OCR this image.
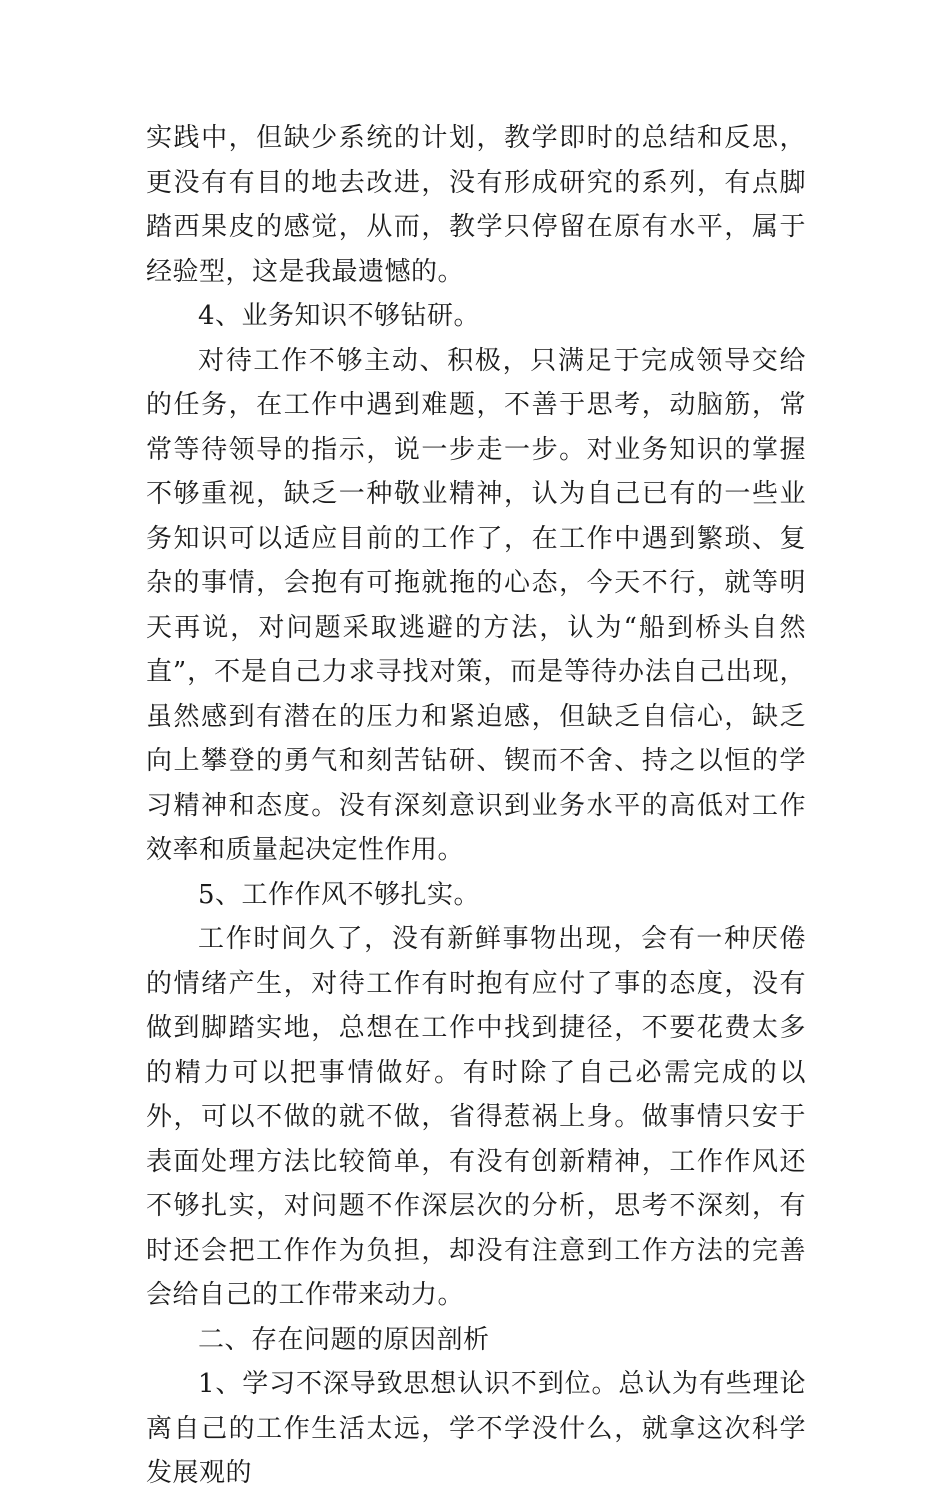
实践中，但缺少系统的计划，教学即时的总结和反思，更没有有目的地去改进，没有形成研究的系列，有点脚踏西果皮的感觉，从而，教学只停留在原有水平，属于经验型，这是我最遗憾的。

4、业务知识不够钻研。

对待工作不够主动、积极，只满足于完成领导交给的任务，在工作中遇到难题，不善于思考，动脑筋，常常等待领导的指示，说一步走一步。对业务知识的掌握不够重视，缺乏一种敬业精神，认为自己已有的一些业务知识可以适应目前的工作了，在工作中遇到繁琐、复杂的事情，会抱有可拖就拖的心态，今天不行，就等明天再说，对问题采取逃避的方法，认为“船到桥头自然直”，不是自己力求寻找对策，而是等待办法自己出现，虽然感到有潜在的压力和紧迫感，但缺乏自信心，缺乏向上攀登的勇气和刻苦钻研、锲而不舍、持之以恒的学习精神和态度。没有深刻意识到业务水平的高低对工作效率和质量起决定性作用。

5、工作作风不够扎实。

工作时间久了，没有新鲜事物出现，会有一种厌倦的情绪产生，对待工作有时抱有应付了事的态度，没有做到脚踏实地，总想在工作中找到捷径，不要花费太多的精力可以把事情做好。有时除了自己必需完成的以外，可以不做的就不做，省得惹祸上身。做事情只安于表面处理方法比较简单，有没有创新精神，工作作风还不够扎实，对问题不作深层次的分析，思考不深刻，有时还会把工作作为负担，却没有注意到工作方法的完善会给自己的工作带来动力。

二、存在问题的原因剖析

1、学习不深导致思想认识不到位。总认为有些理论离自己的工作生活太远，学不学没什么，就拿这次科学发展观的
